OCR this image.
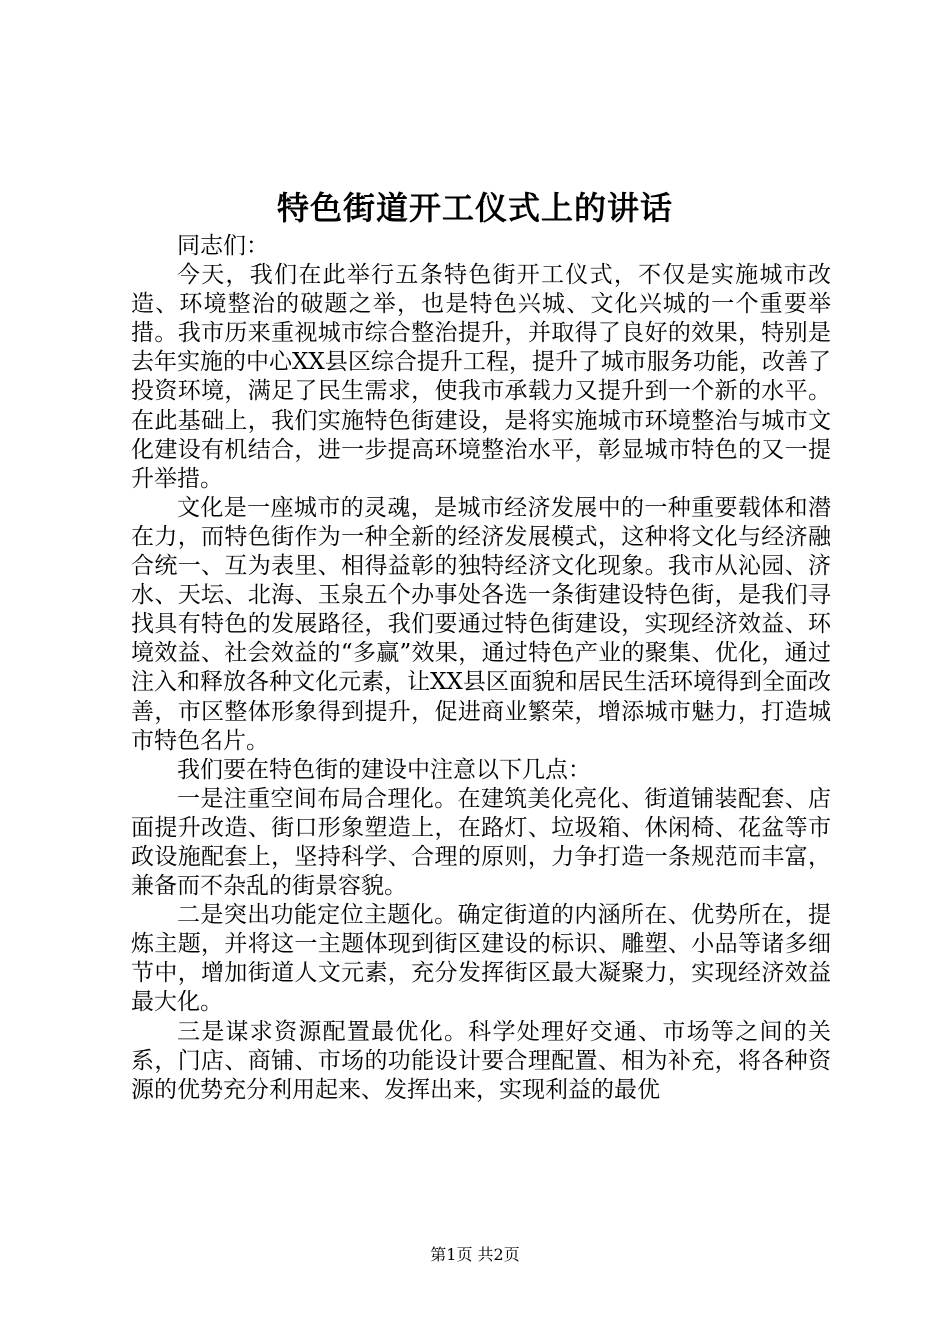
特色街道开工仪式上的讲话

同志们：

今天，我们在此举行五条特色街开工仪式，不仅是实施城市改造、环境整治的破题之举，也是特色兴城、文化兴城的一个重要举措。我市历来重视城市综合整治提升，并取得了良好的效果，特别是去年实施的中心XX县区综合提升工程，提升了城市服务功能，改善了投资环境，满足了民生需求，使我市承载力又提升到一个新的水平。在此基础上，我们实施特色街建设，是将实施城市环境整治与城市文化建设有机结合，进一步提高环境整治水平，彰显城市特色的又一提升举措。

文化是一座城市的灵魂，是城市经济发展中的一种重要载体和潜在力，而特色街作为一种全新的经济发展模式，这种将文化与经济融合统一、互为表里、相得益彰的独特经济文化现象。我市从沁园、济水、天坛、北海、玉泉五个办事处各选一条街建设特色街，是我们寻找具有特色的发展路径，我们要通过特色街建设，实现经济效益、环境效益、社会效益的“多赢”效果，通过特色产业的聚集、优化，通过注入和释放各种文化元素，让XX县区面貌和居民生活环境得到全面改善，市区整体形象得到提升，促进商业繁荣，增添城市魅力，打造城市特色名片。

我们要在特色街的建设中注意以下几点：

一是注重空间布局合理化。在建筑美化亮化、街道铺装配套、店面提升改造、街口形象塑造上，在路灯、垃圾箱、休闲椅、花盆等市政设施配套上，坚持科学、合理的原则，力争打造一条规范而丰富，兼备而不杂乱的街景容貌。

二是突出功能定位主题化。确定街道的内涵所在、优势所在，提炼主题，并将这一主题体现到街区建设的标识、雕塑、小品等诸多细节中，增加街道人文元素，充分发挥街区最大凝聚力，实现经济效益最大化。

三是谋求资源配置最优化。科学处理好交通、市场等之间的关系，门店、商铺、市场的功能设计要合理配置、相为补充，将各种资源的优势充分利用起来、发挥出来，实现利益的最优

第1页 共2页
